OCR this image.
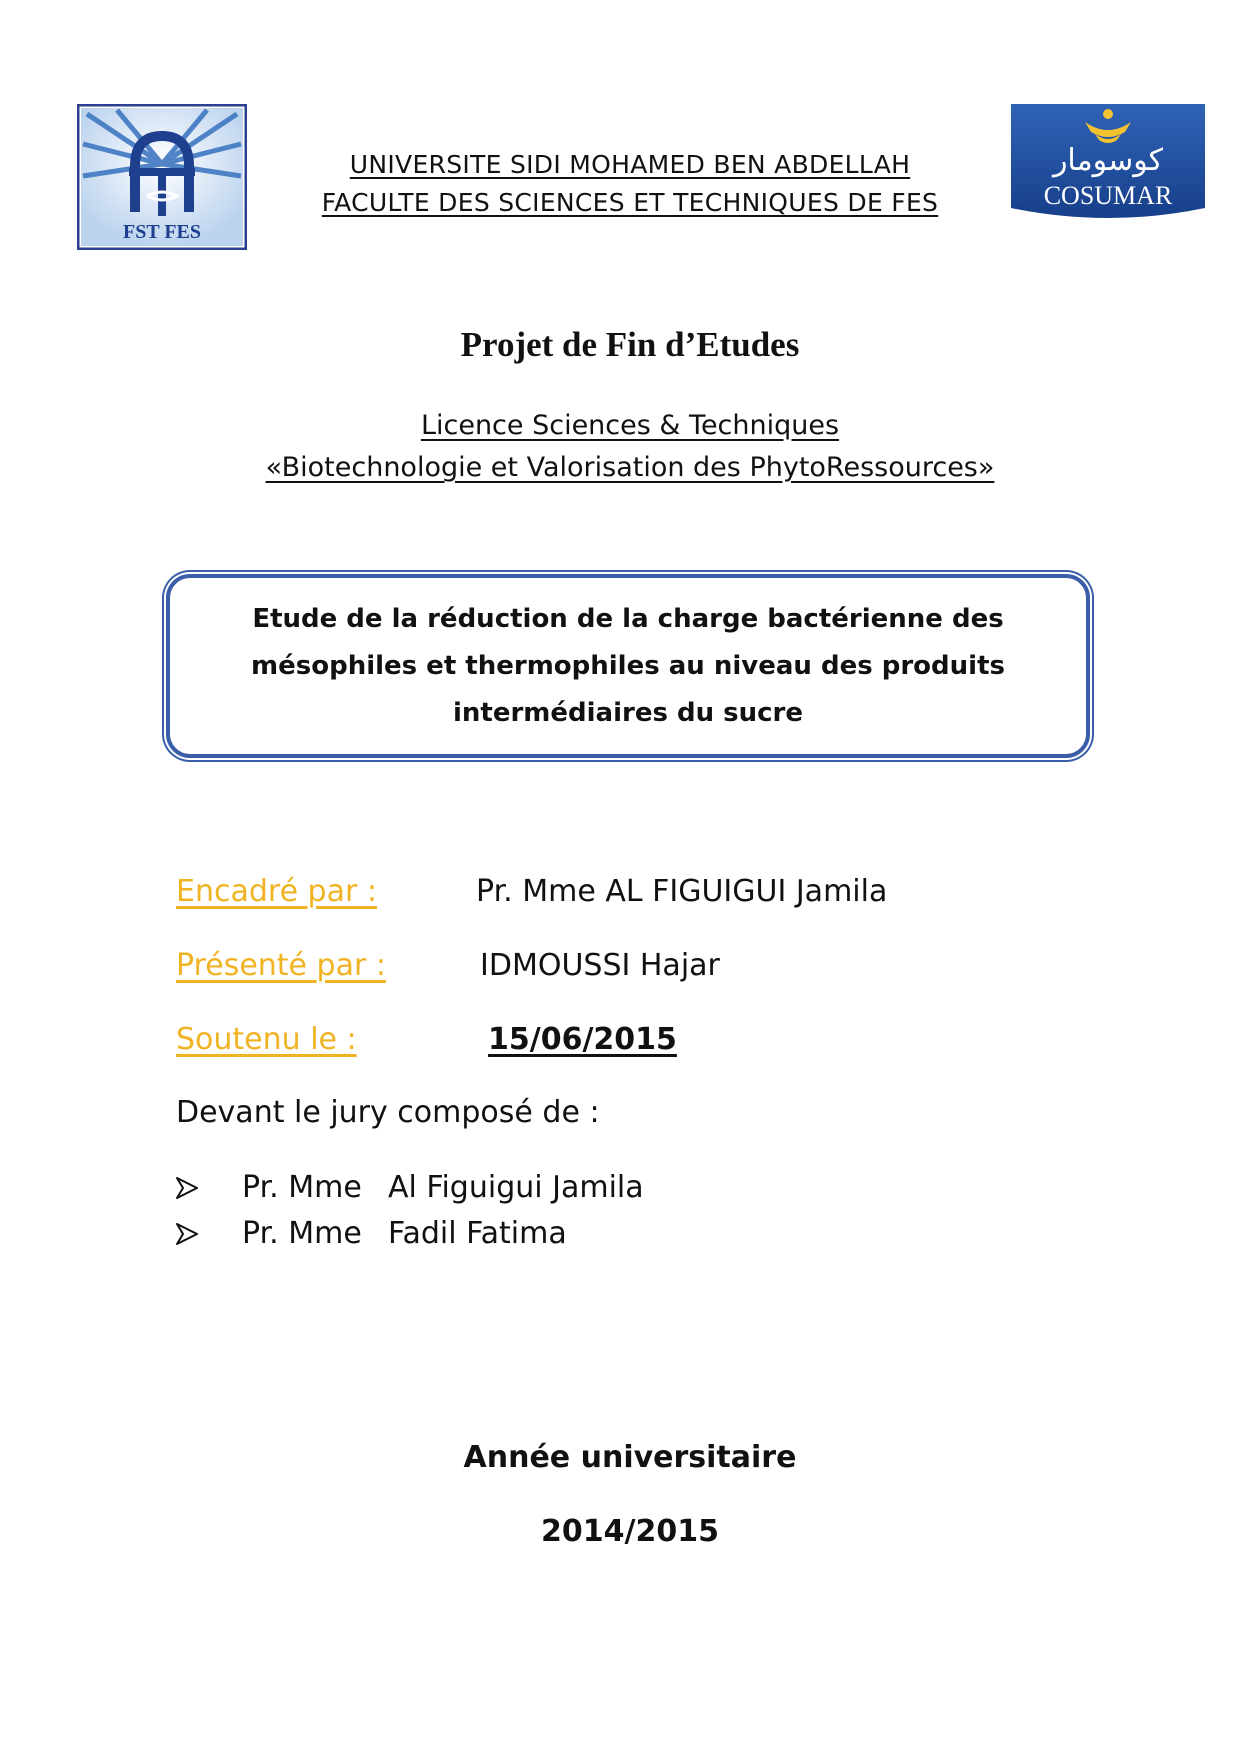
FST FES
UNIVERSITE SIDI MOHAMED BEN ABDELLAH
FACULTE DES SCIENCES ET TECHNIQUES DE FES
كوسومار
COSUMAR
Projet de Fin d’Etudes
Licence Sciences & Techniques
«Biotechnologie et Valorisation des PhytoRessources»
Etude de la réduction de la charge bactérienne des mésophiles et thermophiles au niveau des produits intermédiaires du sucre
Encadré par :	Pr. Mme AL FIGUIGUI Jamila
Présenté par :	IDMOUSSI Hajar
Soutenu le :	15/06/2015
Devant le jury composé de :
Pr. Mme Al Figuigui Jamila
Pr. Mme Fadil Fatima
Année universitaire
2014/2015
